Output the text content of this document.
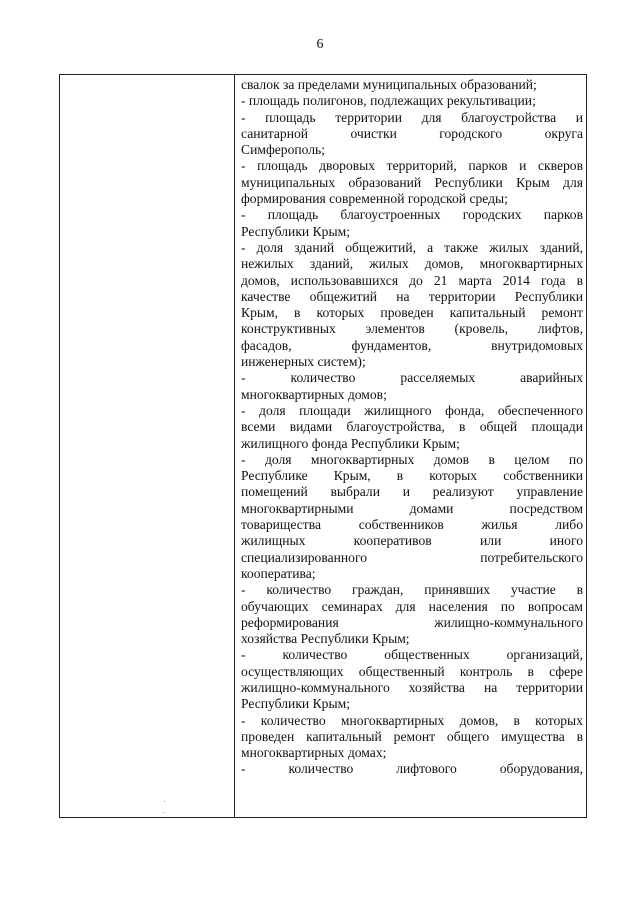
6
свалок за пределами муниципальных образований;
- площадь полигонов, подлежащих рекультивации;
- площадь территории для благоустройства и
санитарной очистки городского округа
Симферополь;
- площадь дворовых территорий, парков и скверов
муниципальных образований Республики Крым для
формирования современной городской среды;
- площадь благоустроенных городских парков
Республики Крым;
- доля зданий общежитий, а также жилых зданий,
нежилых зданий, жилых домов, многоквартирных
домов, использовавшихся до 21 марта 2014 года в
качестве общежитий на территории Республики
Крым, в которых проведен капитальный ремонт
конструктивных элементов (кровель, лифтов,
фасадов, фундаментов, внутридомовых
инженерных систем);
- количество расселяемых аварийных
многоквартирных домов;
- доля площади жилищного фонда, обеспеченного
всеми видами благоустройства, в общей площади
жилищного фонда Республики Крым;
- доля многоквартирных домов в целом по
Республике Крым, в которых собственники
помещений выбрали и реализуют управление
многоквартирными домами посредством
товарищества собственников жилья либо
жилищных кооперативов или иного
специализированного потребительского
кооператива;
- количество граждан, принявших участие в
обучающих семинарах для населения по вопросам
реформирования жилищно-коммунального
хозяйства Республики Крым;
- количество общественных организаций,
осуществляющих общественный контроль в сфере
жилищно-коммунального хозяйства на территории
Республики Крым;
- количество многоквартирных домов, в которых
проведен капитальный ремонт общего имущества в
многоквартирных домах;
- количество лифтового оборудования,
